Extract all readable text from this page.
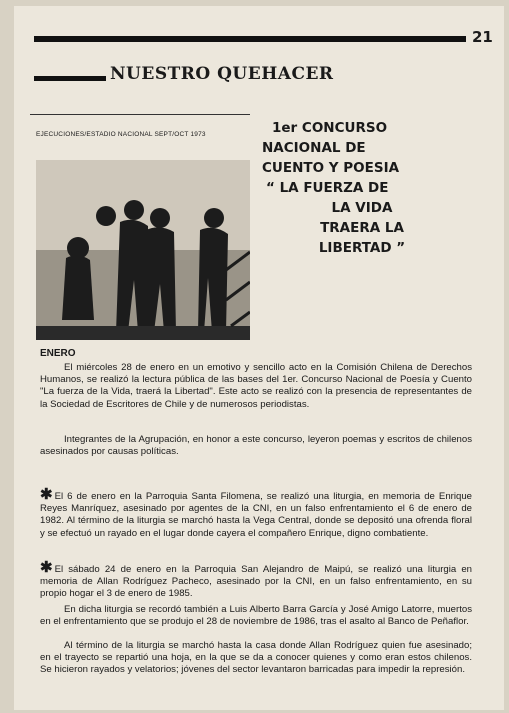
21
NUESTRO QUEHACER
EJECUCIONES/ESTADIO NACIONAL SEPT/OCT 1973	1er CONCURSO
NACIONAL DE
CUENTO Y POESIA
“ LA FUERZA DE
LA VIDA
TRAERA LA
LIBERTAD ”
ENERO
El miércoles 28 de enero en un emotivo y sencillo acto en la Comisión Chilena de Derechos Humanos, se realizó la lectura pública de las bases del 1er. Concurso Nacional de Poesía y Cuento "La fuerza de la Vida, traerá la Libertad". Este acto se realizó con la presencia de representantes de la Sociedad de Escritores de Chile y de numerosos periodistas.
Integrantes de la Agrupación, en honor a este concurso, leyeron poemas y escritos de chilenos asesinados por causas políticas.
✱ El 6 de enero en la Parroquia Santa Filomena, se realizó una liturgia, en memoria de Enrique Reyes Manríquez, asesinado por agentes de la CNI, en un falso enfrentamiento el 6 de enero de 1982. Al término de la liturgia se marchó hasta la Vega Central, donde se depositó una ofrenda floral y se efectuó un rayado en el lugar donde cayera el compañero Enrique, digno combatiente.
✱ El sábado 24 de enero en la Parroquia San Alejandro de Maipú, se realizó una liturgia en memoria de Allan Rodríguez Pacheco, asesinado por la CNI, en un falso enfrentamiento, en su propio hogar el 3 de enero de 1985.
En dicha liturgia se recordó también a Luis Alberto Barra García y José Amigo Latorre, muertos en el enfrentamiento que se produjo el 28 de noviembre de 1986, tras el asalto al Banco de Peñaflor.
Al término de la liturgia se marchó hasta la casa donde Allan Rodríguez quien fue asesinado; en el trayecto se repartió una hoja, en la que se da a conocer quienes y como eran estos chilenos. Se hicieron rayados y velatorios; jóvenes del sector levantaron barricadas para impedir la represión.
